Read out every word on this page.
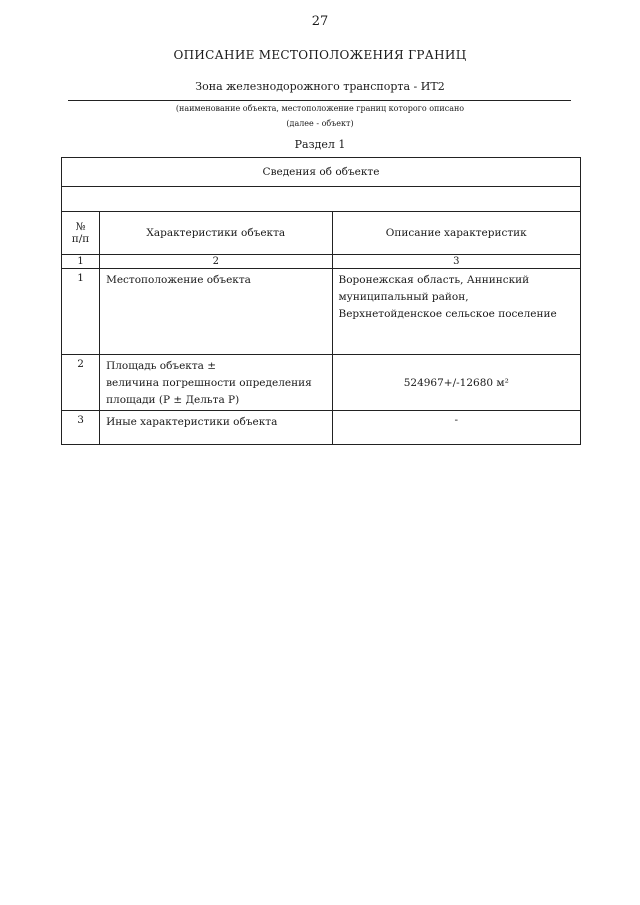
27
ОПИСАНИЕ МЕСТОПОЛОЖЕНИЯ ГРАНИЦ
Зона железнодорожного транспорта - ИТ2
(наименование объекта, местоположение границ которого описано
(далее - объект)
Раздел 1
Сведения об объекте		

№
п/п	Характеристики объекта	Описание характеристик
1	2	3
1	Местоположение объекта	Воронежская область, Аннинский
муниципальный район,
Верхнетойденское сельское поселение

2	Площадь объекта ±
величина погрешности определения
площади (Р ± Дельта Р)	524967+/-12680 м²
3	Иные характеристики объекта	-
